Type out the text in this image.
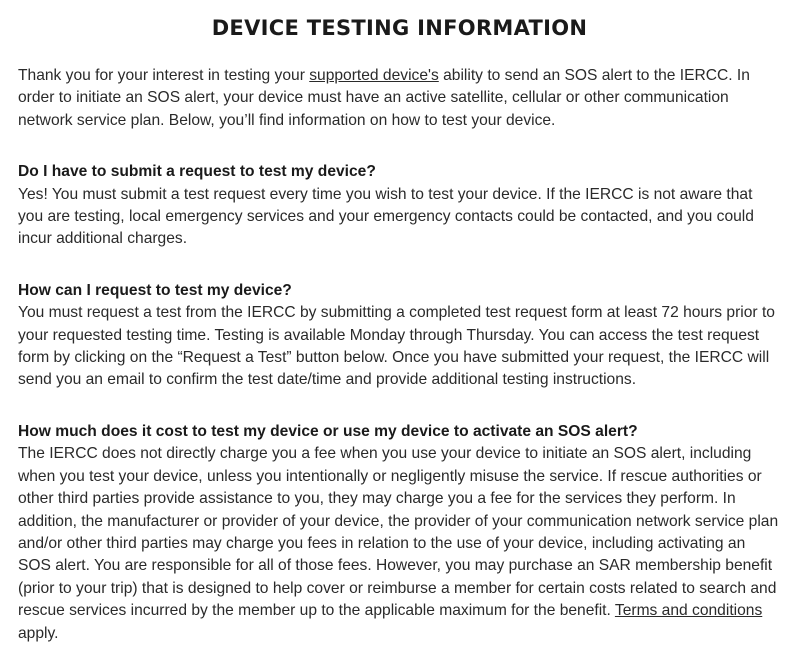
DEVICE TESTING INFORMATION

Thank you for your interest in testing your supported device's ability to send an SOS alert to the IERCC. In order to initiate an SOS alert, your device must have an active satellite, cellular or other communication network service plan. Below, you’ll find information on how to test your device.

Do I have to submit a request to test my device?

Yes! You must submit a test request every time you wish to test your device. If the IERCC is not aware that you are testing, local emergency services and your emergency contacts could be contacted, and you could incur additional charges.

How can I request to test my device?

You must request a test from the IERCC by submitting a completed test request form at least 72 hours prior to your requested testing time. Testing is available Monday through Thursday. You can access the test request form by clicking on the “Request a Test” button below. Once you have submitted your request, the IERCC will send you an email to confirm the test date/time and provide additional testing instructions.

How much does it cost to test my device or use my device to activate an SOS alert?

The IERCC does not directly charge you a fee when you use your device to initiate an SOS alert, including when you test your device, unless you intentionally or negligently misuse the service. If rescue authorities or other third parties provide assistance to you, they may charge you a fee for the services they perform. In addition, the manufacturer or provider of your device, the provider of your communication network service plan and/or other third parties may charge you fees in relation to the use of your device, including activating an SOS alert. You are responsible for all of those fees. However, you may purchase an SAR membership benefit (prior to your trip) that is designed to help cover or reimburse a member for certain costs related to search and rescue services incurred by the member up to the applicable maximum for the benefit. Terms and conditions apply.
